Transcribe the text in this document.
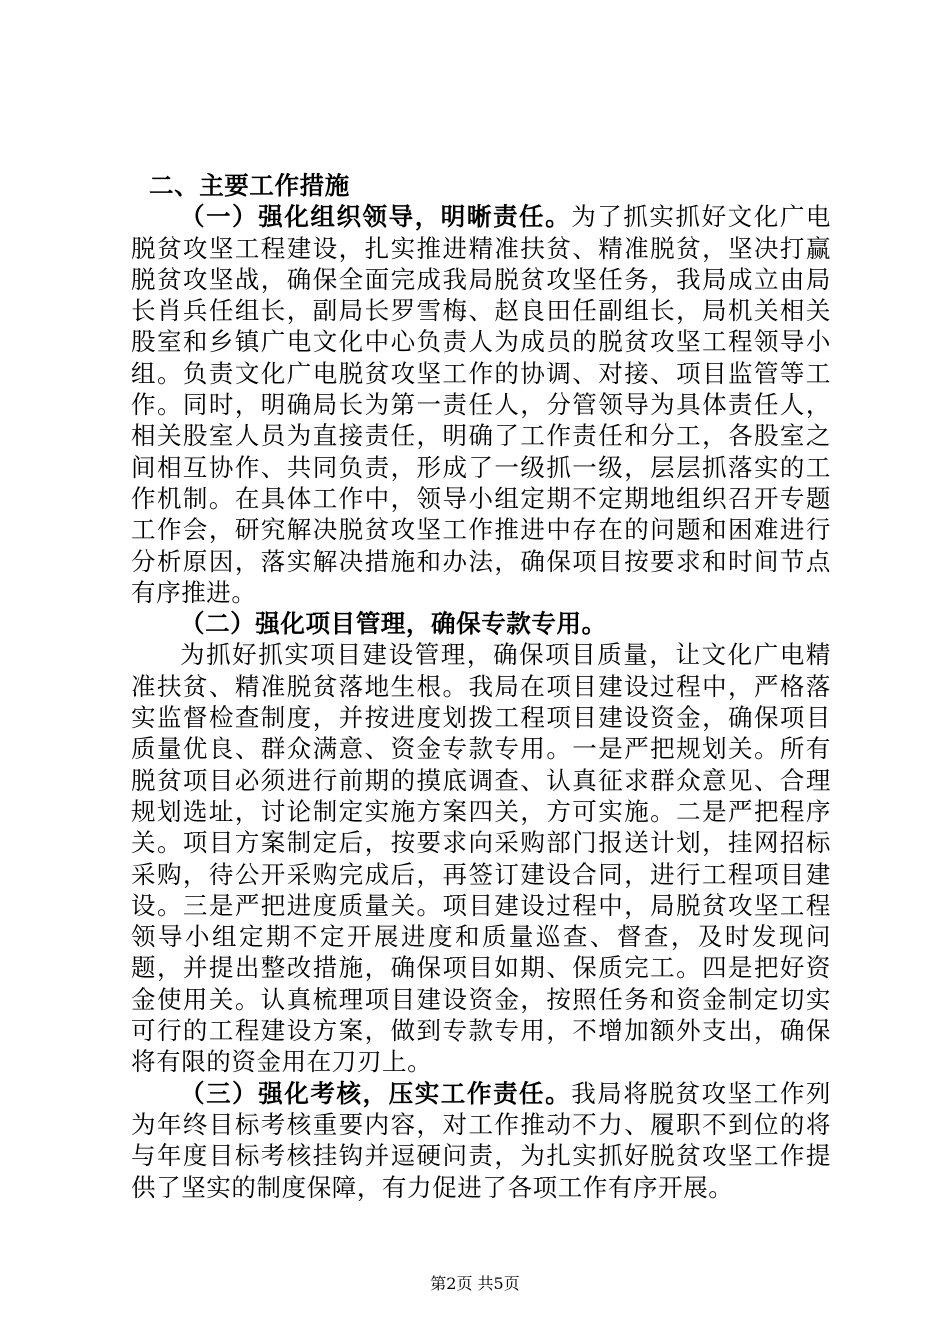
二、主要工作措施

（一）强化组织领导，明晰责任。为了抓实抓好文化广电脱贫攻坚工程建设，扎实推进精准扶贫、精准脱贫，坚决打赢脱贫攻坚战，确保全面完成我局脱贫攻坚任务，我局成立由局长肖兵任组长，副局长罗雪梅、赵良田任副组长，局机关相关股室和乡镇广电文化中心负责人为成员的脱贫攻坚工程领导小组。负责文化广电脱贫攻坚工作的协调、对接、项目监管等工作。同时，明确局长为第一责任人，分管领导为具体责任人，相关股室人员为直接责任，明确了工作责任和分工，各股室之间相互协作、共同负责，形成了一级抓一级，层层抓落实的工作机制。在具体工作中，领导小组定期不定期地组织召开专题工作会，研究解决脱贫攻坚工作推进中存在的问题和困难进行分析原因，落实解决措施和办法，确保项目按要求和时间节点有序推进。

（二）强化项目管理，确保专款专用。

为抓好抓实项目建设管理，确保项目质量，让文化广电精准扶贫、精准脱贫落地生根。我局在项目建设过程中，严格落实监督检查制度，并按进度划拨工程项目建设资金，确保项目质量优良、群众满意、资金专款专用。一是严把规划关。所有脱贫项目必须进行前期的摸底调查、认真征求群众意见、合理规划选址，讨论制定实施方案四关，方可实施。二是严把程序关。项目方案制定后，按要求向采购部门报送计划，挂网招标采购，待公开采购完成后，再签订建设合同，进行工程项目建设。三是严把进度质量关。项目建设过程中，局脱贫攻坚工程领导小组定期不定开展进度和质量巡查、督查，及时发现问题，并提出整改措施，确保项目如期、保质完工。四是把好资金使用关。认真梳理项目建设资金，按照任务和资金制定切实可行的工程建设方案，做到专款专用，不增加额外支出，确保将有限的资金用在刀刃上。

（三）强化考核，压实工作责任。我局将脱贫攻坚工作列为年终目标考核重要内容，对工作推动不力、履职不到位的将与年度目标考核挂钩并逗硬问责，为扎实抓好脱贫攻坚工作提供了坚实的制度保障，有力促进了各项工作有序开展。

第2页 共5页
